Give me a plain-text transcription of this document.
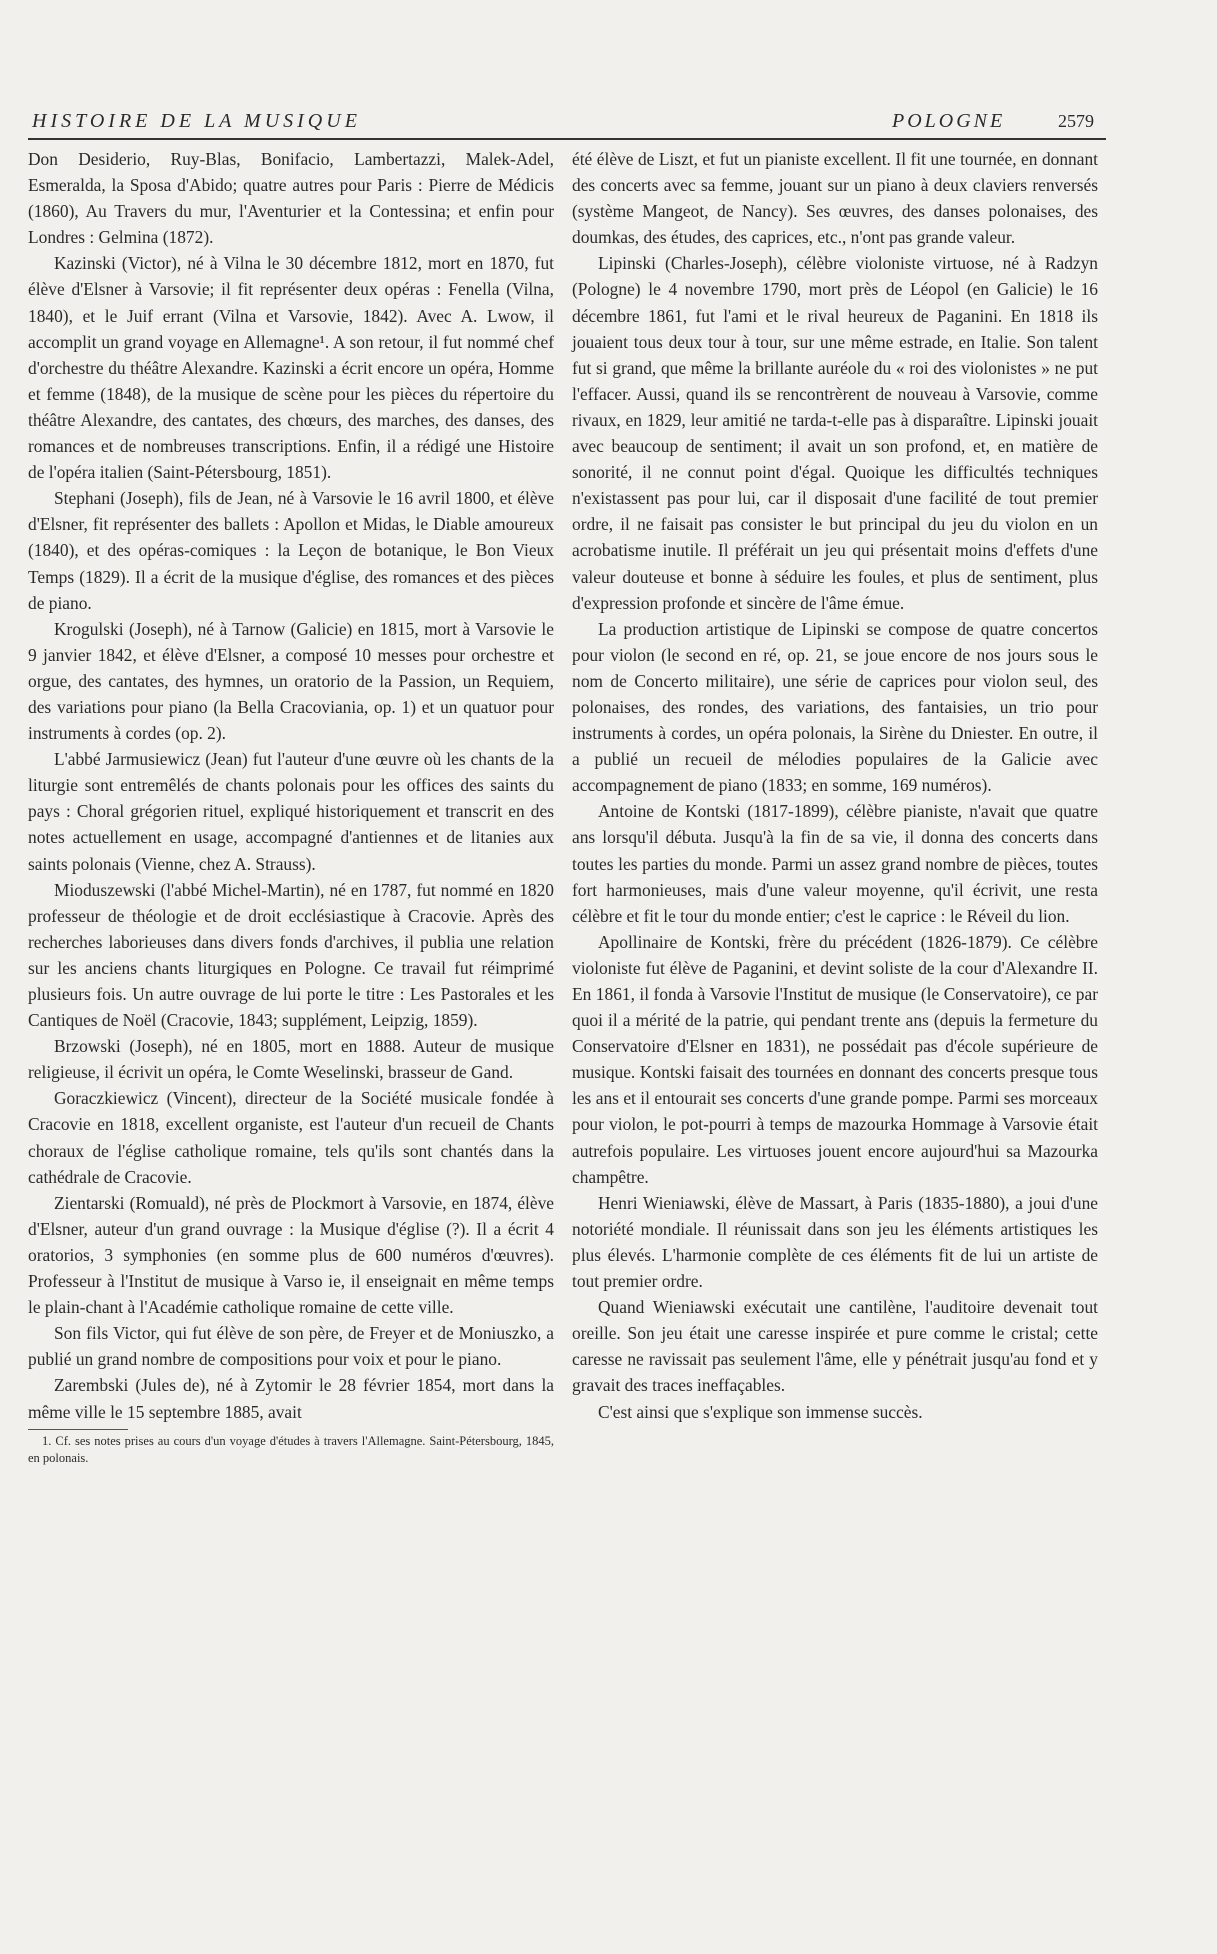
HISTOIRE DE LA MUSIQUE	POLOGNE	2579

Don Desiderio, Ruy-Blas, Bonifacio, Lambertazzi, Malek-Adel, Esmeralda, la Sposa d'Abido; quatre autres pour Paris : Pierre de Médicis (1860), Au Travers du mur, l'Aventurier et la Contessina; et enfin pour Londres : Gelmina (1872).

Kazinski (Victor), né à Vilna le 30 décembre 1812, mort en 1870, fut élève d'Elsner à Varsovie; il fit représenter deux opéras : Fenella (Vilna, 1840), et le Juif errant (Vilna et Varsovie, 1842). Avec A. Lwow, il accomplit un grand voyage en Allemagne¹. A son retour, il fut nommé chef d'orchestre du théâtre Alexandre. Kazinski a écrit encore un opéra, Homme et femme (1848), de la musique de scène pour les pièces du répertoire du théâtre Alexandre, des cantates, des chœurs, des marches, des danses, des romances et de nombreuses transcriptions. Enfin, il a rédigé une Histoire de l'opéra italien (Saint-Pétersbourg, 1851).

Stephani (Joseph), fils de Jean, né à Varsovie le 16 avril 1800, et élève d'Elsner, fit représenter des ballets : Apollon et Midas, le Diable amoureux (1840), et des opéras-comiques : la Leçon de botanique, le Bon Vieux Temps (1829). Il a écrit de la musique d'église, des romances et des pièces de piano.

Krogulski (Joseph), né à Tarnow (Galicie) en 1815, mort à Varsovie le 9 janvier 1842, et élève d'Elsner, a composé 10 messes pour orchestre et orgue, des cantates, des hymnes, un oratorio de la Passion, un Requiem, des variations pour piano (la Bella Cracoviania, op. 1) et un quatuor pour instruments à cordes (op. 2).

L'abbé Jarmusiewicz (Jean) fut l'auteur d'une œuvre où les chants de la liturgie sont entremêlés de chants polonais pour les offices des saints du pays : Choral grégorien rituel, expliqué historiquement et transcrit en des notes actuellement en usage, accompagné d'antiennes et de litanies aux saints polonais (Vienne, chez A. Strauss).

Mioduszewski (l'abbé Michel-Martin), né en 1787, fut nommé en 1820 professeur de théologie et de droit ecclésiastique à Cracovie. Après des recherches laborieuses dans divers fonds d'archives, il publia une relation sur les anciens chants liturgiques en Pologne. Ce travail fut réimprimé plusieurs fois. Un autre ouvrage de lui porte le titre : Les Pastorales et les Cantiques de Noël (Cracovie, 1843; supplément, Leipzig, 1859).

Brzowski (Joseph), né en 1805, mort en 1888. Auteur de musique religieuse, il écrivit un opéra, le Comte Weselinski, brasseur de Gand.

Goraczkiewicz (Vincent), directeur de la Société musicale fondée à Cracovie en 1818, excellent organiste, est l'auteur d'un recueil de Chants choraux de l'église catholique romaine, tels qu'ils sont chantés dans la cathédrale de Cracovie.

Zientarski (Romuald), né près de Plockmort à Varsovie, en 1874, élève d'Elsner, auteur d'un grand ouvrage : la Musique d'église (?). Il a écrit 4 oratorios, 3 symphonies (en somme plus de 600 numéros d'œuvres). Professeur à l'Institut de musique à Varso ie, il enseignait en même temps le plain-chant à l'Académie catholique romaine de cette ville.

Son fils Victor, qui fut élève de son père, de Freyer et de Moniuszko, a publié un grand nombre de compositions pour voix et pour le piano.

Zarembski (Jules de), né à Zytomir le 28 février 1854, mort dans la même ville le 15 septembre 1885, avait

1. Cf. ses notes prises au cours d'un voyage d'études à travers l'Allemagne. Saint-Pétersbourg, 1845, en polonais.

été élève de Liszt, et fut un pianiste excellent. Il fit une tournée, en donnant des concerts avec sa femme, jouant sur un piano à deux claviers renversés (système Mangeot, de Nancy). Ses œuvres, des danses polonaises, des doumkas, des études, des caprices, etc., n'ont pas grande valeur.

Lipinski (Charles-Joseph), célèbre violoniste virtuose, né à Radzyn (Pologne) le 4 novembre 1790, mort près de Léopol (en Galicie) le 16 décembre 1861, fut l'ami et le rival heureux de Paganini. En 1818 ils jouaient tous deux tour à tour, sur une même estrade, en Italie. Son talent fut si grand, que même la brillante auréole du « roi des violonistes » ne put l'effacer. Aussi, quand ils se rencontrèrent de nouveau à Varsovie, comme rivaux, en 1829, leur amitié ne tarda-t-elle pas à disparaître. Lipinski jouait avec beaucoup de sentiment; il avait un son profond, et, en matière de sonorité, il ne connut point d'égal. Quoique les difficultés techniques n'existassent pas pour lui, car il disposait d'une facilité de tout premier ordre, il ne faisait pas consister le but principal du jeu du violon en un acrobatisme inutile. Il préférait un jeu qui présentait moins d'effets d'une valeur douteuse et bonne à séduire les foules, et plus de sentiment, plus d'expression profonde et sincère de l'âme émue.

La production artistique de Lipinski se compose de quatre concertos pour violon (le second en ré, op. 21, se joue encore de nos jours sous le nom de Concerto militaire), une série de caprices pour violon seul, des polonaises, des rondes, des variations, des fantaisies, un trio pour instruments à cordes, un opéra polonais, la Sirène du Dniester. En outre, il a publié un recueil de mélodies populaires de la Galicie avec accompagnement de piano (1833; en somme, 169 numéros).

Antoine de Kontski (1817-1899), célèbre pianiste, n'avait que quatre ans lorsqu'il débuta. Jusqu'à la fin de sa vie, il donna des concerts dans toutes les parties du monde. Parmi un assez grand nombre de pièces, toutes fort harmonieuses, mais d'une valeur moyenne, qu'il écrivit, une resta célèbre et fit le tour du monde entier; c'est le caprice : le Réveil du lion.

Apollinaire de Kontski, frère du précédent (1826-1879). Ce célèbre violoniste fut élève de Paganini, et devint soliste de la cour d'Alexandre II. En 1861, il fonda à Varsovie l'Institut de musique (le Conservatoire), ce par quoi il a mérité de la patrie, qui pendant trente ans (depuis la fermeture du Conservatoire d'Elsner en 1831), ne possédait pas d'école supérieure de musique. Kontski faisait des tournées en donnant des concerts presque tous les ans et il entourait ses concerts d'une grande pompe. Parmi ses morceaux pour violon, le pot-pourri à temps de mazourka Hommage à Varsovie était autrefois populaire. Les virtuoses jouent encore aujourd'hui sa Mazourka champêtre.

Henri Wieniawski, élève de Massart, à Paris (1835-1880), a joui d'une notoriété mondiale. Il réunissait dans son jeu les éléments artistiques les plus élevés. L'harmonie complète de ces éléments fit de lui un artiste de tout premier ordre.

Quand Wieniawski exécutait une cantilène, l'auditoire devenait tout oreille. Son jeu était une caresse inspirée et pure comme le cristal; cette caresse ne ravissait pas seulement l'âme, elle y pénétrait jusqu'au fond et y gravait des traces ineffaçables.

C'est ainsi que s'explique son immense succès.
